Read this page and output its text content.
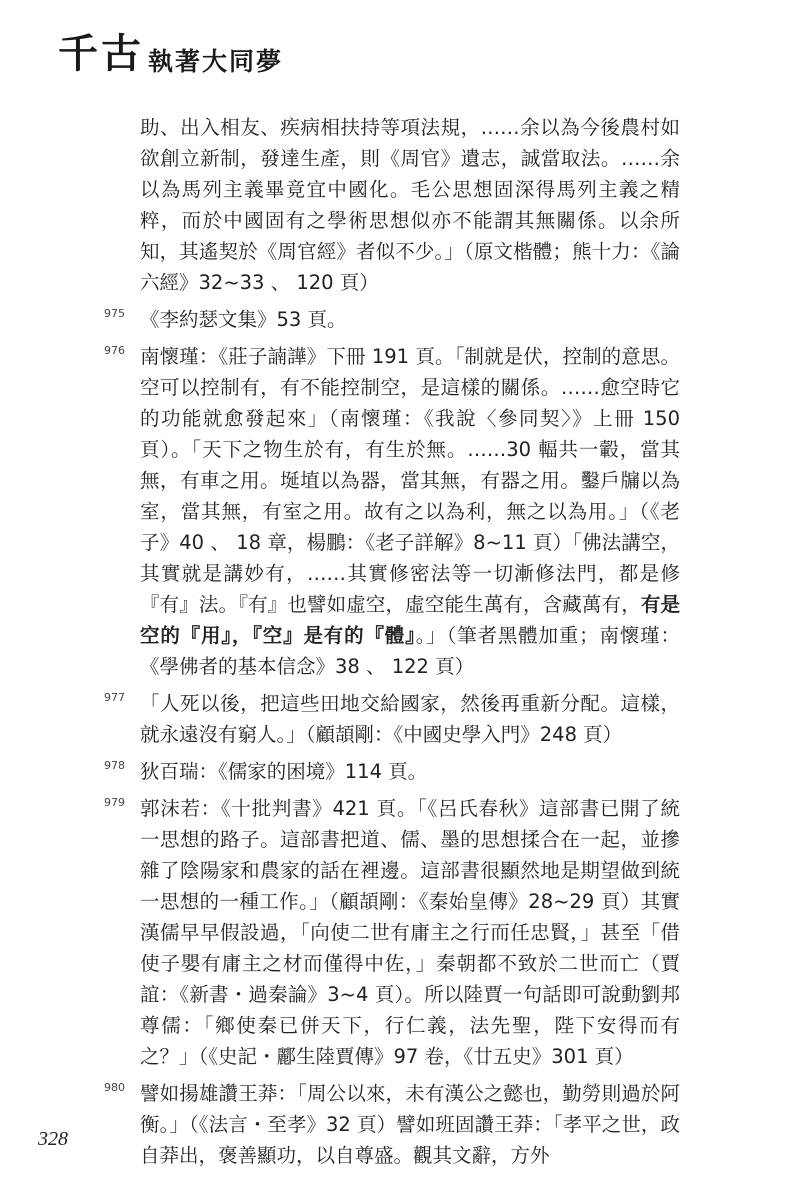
千古 執著大同夢
助、出入相友、疾病相扶持等項法規，……余以為今後農村如欲創立新制，發達生產，則《周官》遺志，誠當取法。……余以為馬列主義畢竟宜中國化。毛公思想固深得馬列主義之精粹，而於中國固有之學術思想似亦不能謂其無關係。以余所知，其遙契於《周官經》者似不少。」（原文楷體；熊十力：《論六經》32~33 、 120 頁）
975 《李約瑟文集》53 頁。
976 南懷瑾：《莊子諵譁》下冊 191 頁。「制就是伏，控制的意思。空可以控制有，有不能控制空，是這樣的關係。……愈空時它的功能就愈發起來」（南懷瑾：《我說〈參同契〉》上冊 150 頁）。「天下之物生於有，有生於無。……30 輻共一轂，當其無，有車之用。埏埴以為器，當其無，有器之用。鑿戶牖以為室，當其無，有室之用。故有之以為利，無之以為用。」（《老子》40 、 18 章，楊鵬：《老子詳解》8~11 頁）「佛法講空，其實就是講妙有，……其實修密法等一切漸修法門，都是修『有』法。『有』也譬如虛空，虛空能生萬有，含藏萬有，有是空的『用』，『空』是有的『體』。」（筆者黑體加重；南懷瑾：《學佛者的基本信念》38 、 122 頁）
977 「人死以後，把這些田地交給國家，然後再重新分配。這樣，就永遠沒有窮人。」（顧頡剛：《中國史學入門》248 頁）
978 狄百瑞：《儒家的困境》114 頁。
979 郭沫若：《十批判書》421 頁。「《呂氏春秋》這部書已開了統一思想的路子。這部書把道、儒、墨的思想揉合在一起，並摻雜了陰陽家和農家的話在裡邊。這部書很顯然地是期望做到統一思想的一種工作。」（顧頡剛：《秦始皇傳》28~29 頁）其實漢儒早早假設過，「向使二世有庸主之行而任忠賢，」甚至「借使子嬰有庸主之材而僅得中佐，」秦朝都不致於二世而亡（賈誼：《新書・過秦論》3~4 頁）。所以陸賈一句話即可說動劉邦尊儒：「鄉使秦已併天下，行仁義，法先聖，陛下安得而有之？」（《史記・酈生陸賈傳》97 卷，《廿五史》301 頁）
980 譬如揚雄讚王莽：「周公以來，未有漢公之懿也，勤勞則過於阿衡。」（《法言・至孝》32 頁）譬如班固讚王莽：「孝平之世，政自莽出，褒善顯功，以自尊盛。觀其文辭，方外
328
